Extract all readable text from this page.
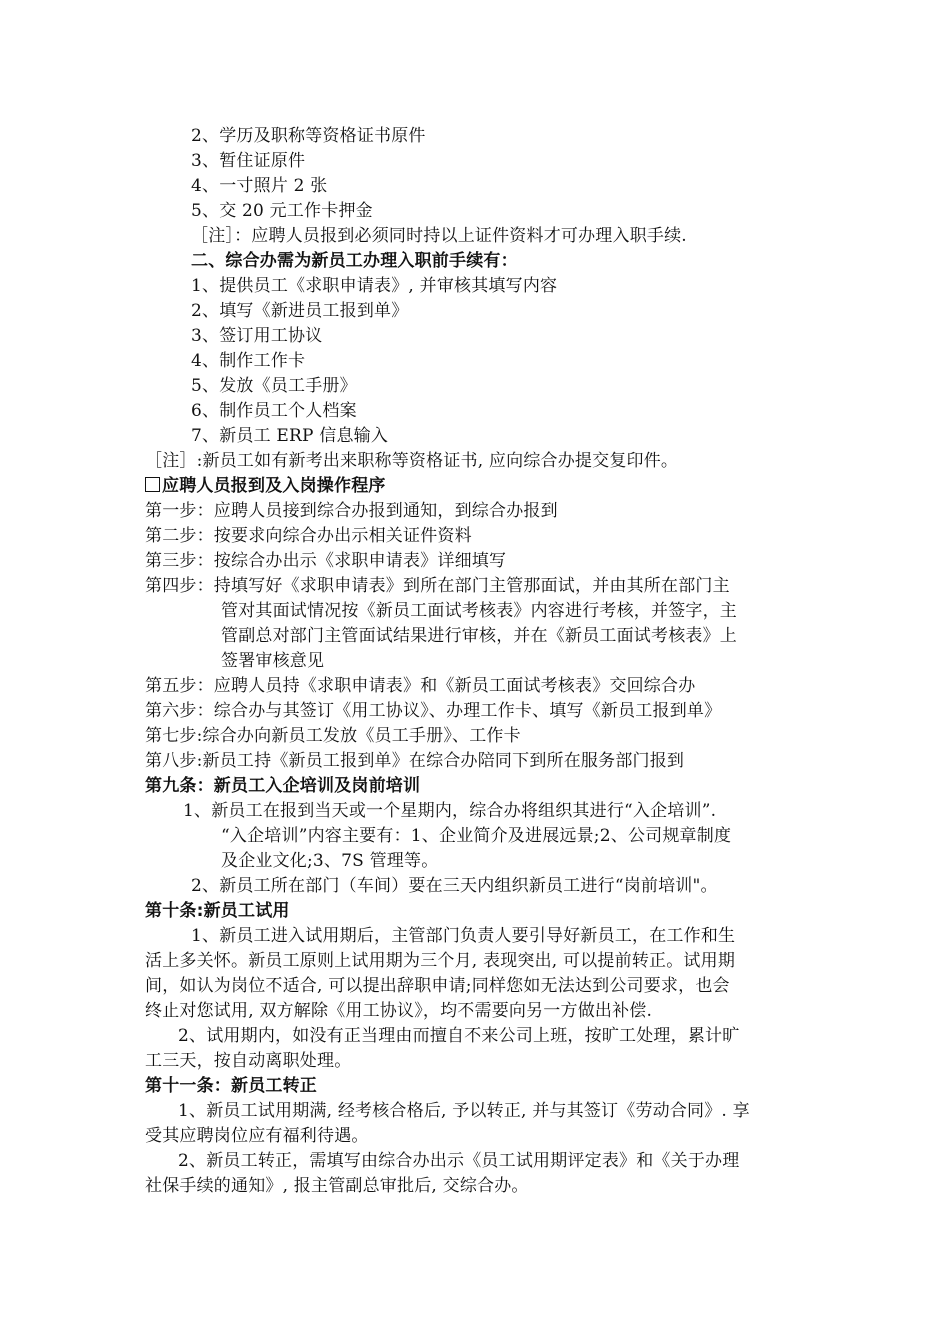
2、学历及职称等资格证书原件
3、暂住证原件
4、一寸照片 2 张
5、交 20 元工作卡押金
［注］：应聘人员报到必须同时持以上证件资料才可办理入职手续.
二、综合办需为新员工办理入职前手续有：
1、提供员工《求职申请表》, 并审核其填写内容
2、填写《新进员工报到单》
3、签订用工协议
4、制作工作卡
5、发放《员工手册》
6、制作员工个人档案
7、新员工 ERP 信息输入
［注］:新员工如有新考出来职称等资格证书, 应向综合办提交复印件。
应聘人员报到及入岗操作程序
第一步：应聘人员接到综合办报到通知，到综合办报到
第二步：按要求向综合办出示相关证件资料
第三步：按综合办出示《求职申请表》详细填写
第四步：持填写好《求职申请表》到所在部门主管那面试，并由其所在部门主
管对其面试情况按《新员工面试考核表》内容进行考核，并签字，主
管副总对部门主管面试结果进行审核，并在《新员工面试考核表》上
签署审核意见
第五步：应聘人员持《求职申请表》和《新员工面试考核表》交回综合办
第六步：综合办与其签订《用工协议》、办理工作卡、填写《新员工报到单》
第七步:综合办向新员工发放《员工手册》、工作卡
第八步:新员工持《新员工报到单》在综合办陪同下到所在服务部门报到
第九条：新员工入企培训及岗前培训
1、新员工在报到当天或一个星期内，综合办将组织其进行“入企培训”.
“入企培训”内容主要有：1、企业简介及进展远景;2、公司规章制度
及企业文化;3、7S 管理等。
2、新员工所在部门（车间）要在三天内组织新员工进行“岗前培训"。
第十条:新员工试用
1、新员工进入试用期后，主管部门负责人要引导好新员工，在工作和生
活上多关怀。新员工原则上试用期为三个月, 表现突出, 可以提前转正。试用期
间，如认为岗位不适合, 可以提出辞职申请;同样您如无法达到公司要求，也会
终止对您试用, 双方解除《用工协议》，均不需要向另一方做出补偿.
2、试用期内，如没有正当理由而擅自不来公司上班，按旷工处理，累计旷
工三天，按自动离职处理。
第十一条：新员工转正
1、新员工试用期满, 经考核合格后, 予以转正, 并与其签订《劳动合同》. 享
受其应聘岗位应有福利待遇。
2、新员工转正，需填写由综合办出示《员工试用期评定表》和《关于办理
社保手续的通知》, 报主管副总审批后, 交综合办。
